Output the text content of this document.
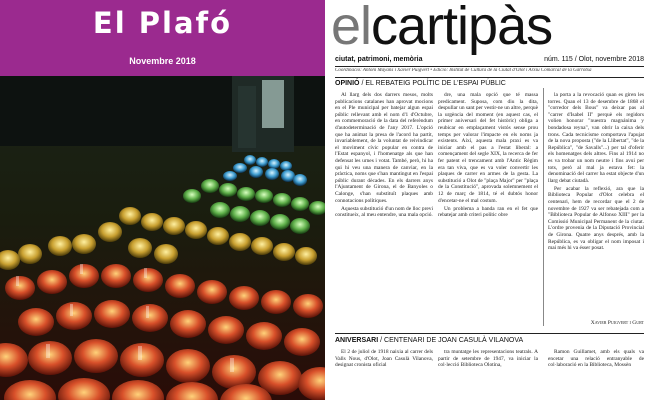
El Plafó
Novembre 2018
elcartipàs
ciutat, patrimoni, memòria	núm. 115 / Olot, novembre 2018
Coordinació: Antoni Mayans i Xavier Puigvert • Edició: Institut de Cultura de la Ciutat d'Olot i Arxiu Comarcal de la Garrotxa
OPINIÓ / EL REBATEIG POLÍTIC DE L'ESPAI PÚBLIC

Al llarg dels dos darrers mesos, molts publicacions catalanes han aprovat mocions en el Ple municipal per batejar algun espai públic rellevant amb el nom d'1 d'Octubre, en commemoració de la data del referèndum d'autodeterminació de l'any 2017. L'opció que ha animat la presa de l'acord ha partit, invariablement, de la voluntat de reivindicar el moviment cívic popular en contra de l'Estat espanyol, i l'homenatge als que han defensat les urnes i votat. També, però, hi ha qui hi veu una manera de canviar, en la pràctica, noms que s'han mantingut en l'espai públic durant dècades. En els darrers anys l'Ajuntament de Girona, el de Banyoles o Calonge, s'han substituït plaques amb connotacions polítiques.

Aquesta substitució d'un nom de lloc previ constitueix, al meu entendre, una mala opció.

dre, una mala opció que té massa predicament. Suposa, com diu la dita, despullar un sant per vestir-ne un altre, perquè la urgència del moment (en aquest cas, el primer aniversari del fet històric) obliga a reubicar en emplaçament vistós sense prou temps per valorar l'impacte en els noms ja existents. Així, aquesta mala praxi es va iniciar amb el pas a l'estat liberal: a començament del segle XIX, la recerca de fer fer patent el trencament amb l'Antic Règim era tan viva, que es va voler convertir les plaques de carrer en armes de la gesta. La substitució a Olot de "plaça Major" per "plaça de la Constitució", aprovada solemnement el 12 de març de 1814, té el dubtós honor d'encetar-ne el mal costum.

Un problema a banda ran en el fet que rebatejar amb criteri polític obre

la porta a la revocació quan es giren les torres. Quan el 13 de desembre de 1868 el "corredor dels Bous" va deixar pas al "carrer d'Isabel II" perquè els regidors volien honorar "nuestra magnánima y bondadosa reyna", van obrir la caixa dels trons. Cada tecnicisme comportava l'apujat de la nova proposta ("de la Llibertat", "de la República", "de Savalls"...) per tal d'oferir els homenatges dels altres. Fins al 1914 no es va trobar un nom neutre i fins avui per tots, però al mal ja estava fet: la denominació del carrer ha estat objecte d'un llarg debat ciutadà.

Per acabar la reflexió, ara que la Biblioteca Popular d'Olot celebra el centenari, hem de recordar que el 2 de novembre de 1927 va ser rebatejada com a "Biblioteca Popular de Alfonso XIII" per la Comissió Municipal Permanent de la ciutat. L'ordre provenia de la Diputació Provincial de Girona. Quatre anys després, amb la República, es va obligar el nom imposat i mai més hi va ésser posat.

Xavier Puigvert i Gurt
ANIVERSARI / CENTENARI DE JOAN CASULÀ VILANOVA

El 2 de juliol de 1918 naixia al carrer dels Valls Nous, d'Olot, Joan Casulà Vilanova, designat cronista oficial

tra muntatge les representacions teatrals. A partir de setembre de 1947, va iniciar la col·lecció Biblioteca Olotina,

Ramon Guillamet, amb els quals va encetar una relació entranyable de col·laboració en la Biblioteca, Mossèn
